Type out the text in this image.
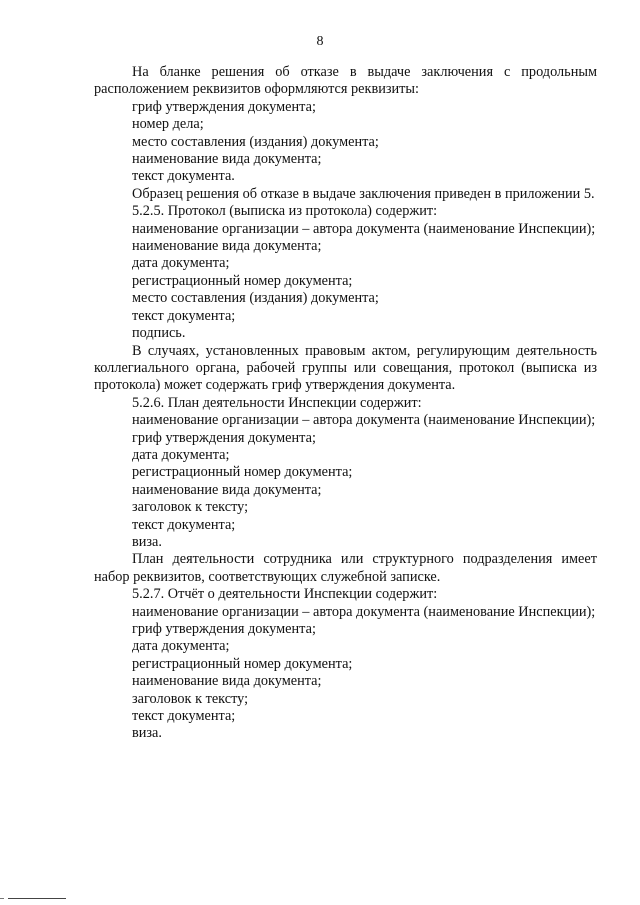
8

На бланке решения об отказе в выдаче заключения с продольным расположением реквизитов оформляются реквизиты:

гриф утверждения документа;

номер дела;

место составления (издания) документа;

наименование вида документа;

текст документа.

Образец решения об отказе в выдаче заключения приведен в приложении 5.

5.2.5. Протокол (выписка из протокола) содержит:

наименование организации – автора документа (наименование Инспекции);

наименование вида документа;

дата документа;

регистрационный номер документа;

место составления (издания) документа;

текст документа;

подпись.

В случаях, установленных правовым актом, регулирующим деятельность коллегиального органа, рабочей группы или совещания, протокол (выписка из протокола) может содержать гриф утверждения документа.

5.2.6. План деятельности Инспекции содержит:

наименование организации – автора документа (наименование Инспекции);

гриф утверждения документа;

дата документа;

регистрационный номер документа;

наименование вида документа;

заголовок к тексту;

текст документа;

виза.

План деятельности сотрудника или структурного подразделения имеет набор реквизитов, соответствующих служебной записке.

5.2.7. Отчёт о деятельности Инспекции содержит:

наименование организации – автора документа (наименование Инспекции);

гриф утверждения документа;

дата документа;

регистрационный номер документа;

наименование вида документа;

заголовок к тексту;

текст документа;

виза.
